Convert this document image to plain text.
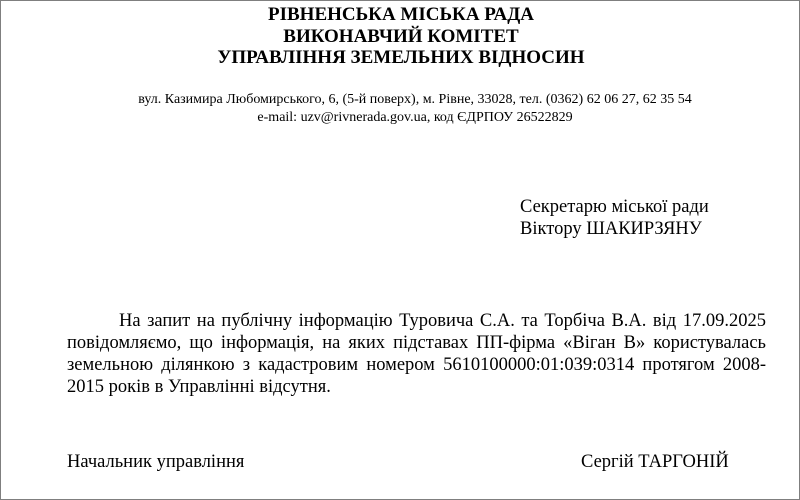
РІВНЕНСЬКА МІСЬКА РАДА
ВИКОНАВЧИЙ КОМІТЕТ
УПРАВЛІННЯ ЗЕМЕЛЬНИХ ВІДНОСИН
вул. Казимира Любомирського, 6, (5-й поверх), м. Рівне, 33028, тел. (0362) 62 06 27, 62 35 54
e-mail: uzv@rivnerada.gov.ua, код ЄДРПОУ 26522829
Секретарю міської ради
Віктору ШАКИРЗЯНУ

На запит на публічну інформацію Туровича С.А. та Торбіча В.А. від 17.09.2025 повідомляємо, що інформація, на яких підставах ПП-фірма «Віган В» користувалась земельною ділянкою з кадастровим номером 5610100000:01:039:0314 протягом 2008-2015 років в Управлінні відсутня.

Начальник управління	Сергій ТАРГОНІЙ
